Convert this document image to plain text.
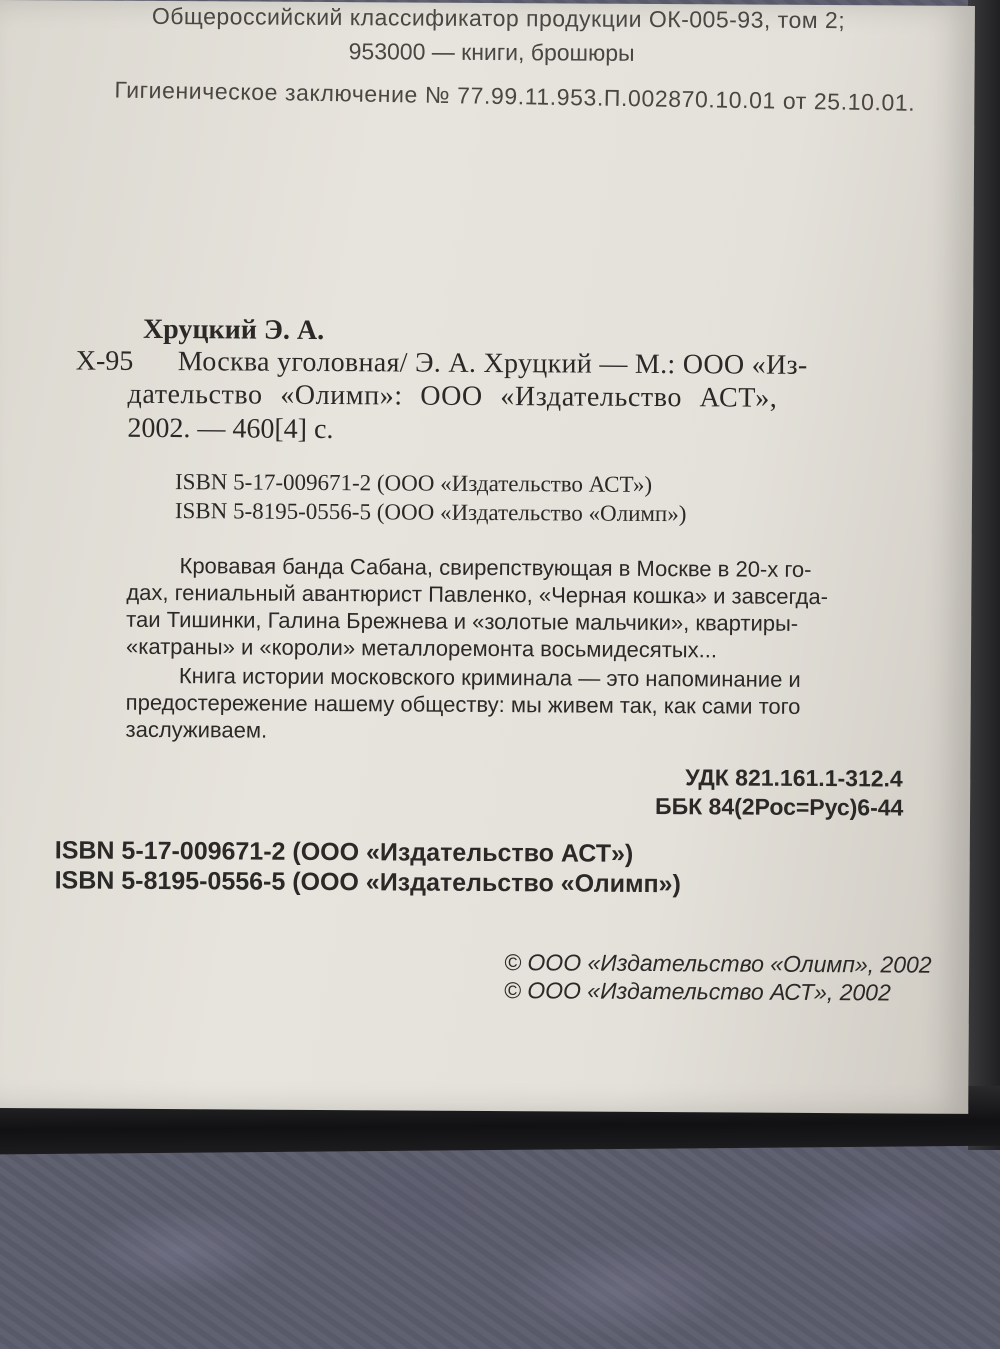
Общероссийский классификатор продукции ОК-005-93, том 2;
953000 — книги, брошюры
Гигиеническое заключение № 77.99.11.953.П.002870.10.01 от 25.10.01.
Хруцкий Э. А.
Х-95 Москва уголовная/ Э. А. Хруцкий — М.: ООО «Из-
дательство «Олимп»: ООО «Издательство АСТ»,
2002. — 460[4] с.
ISBN 5-17-009671-2 (ООО «Издательство АСТ»)
ISBN 5-8195-0556-5 (ООО «Издательство «Олимп»)
Кровавая банда Сабана, свирепствующая в Москве в 20-х го-
дах, гениальный авантюрист Павленко, «Черная кошка» и завсегда-
таи Тишинки, Галина Брежнева и «золотые мальчики», квартиры-
«катраны» и «короли» металлоремонта восьмидесятых...
Книга истории московского криминала — это напоминание и
предостережение нашему обществу: мы живем так, как сами того
заслуживаем.
УДК 821.161.1-312.4
ББК 84(2Рос=Рус)6-44
ISBN 5-17-009671-2 (ООО «Издательство АСТ»)
ISBN 5-8195-0556-5 (ООО «Издательство «Олимп»)
© ООО «Издательство «Олимп», 2002
© ООО «Издательство АСТ», 2002
